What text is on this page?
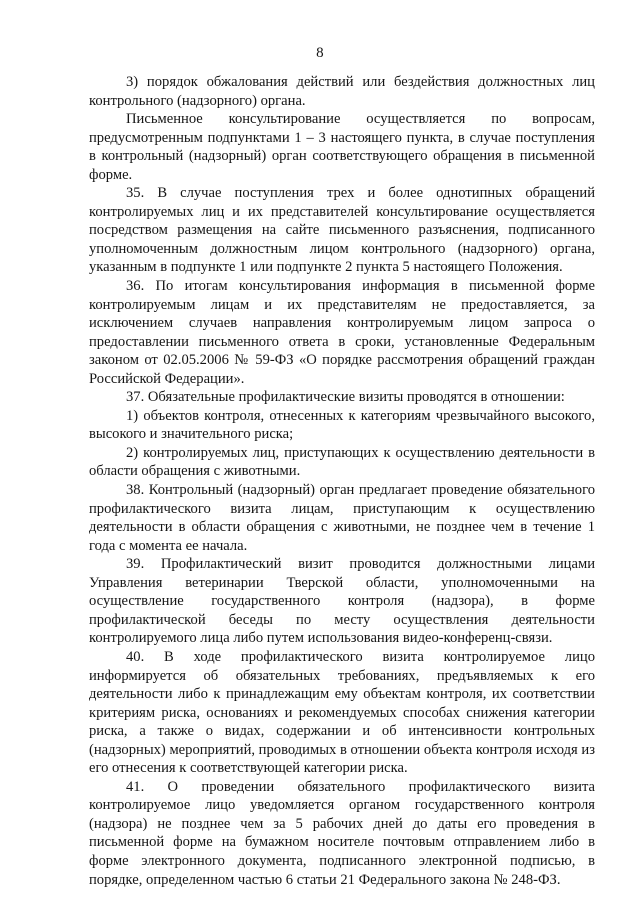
8

3) порядок обжалования действий или бездействия должностных лиц контрольного (надзорного) органа.

Письменное консультирование осуществляется по вопросам, предусмотренным подпунктами 1 – 3 настоящего пункта, в случае поступления в контрольный (надзорный) орган соответствующего обращения в письменной форме.

35. В случае поступления трех и более однотипных обращений контролируемых лиц и их представителей консультирование осуществляется посредством размещения на сайте письменного разъяснения, подписанного уполномоченным должностным лицом контрольного (надзорного) органа, указанным в подпункте 1 или подпункте 2 пункта 5 настоящего Положения.

36. По итогам консультирования информация в письменной форме контролируемым лицам и их представителям не предоставляется, за исключением случаев направления контролируемым лицом запроса о предоставлении письменного ответа в сроки, установленные Федеральным законом от 02.05.2006 № 59-ФЗ «О порядке рассмотрения обращений граждан Российской Федерации».

37. Обязательные профилактические визиты проводятся в отношении:

1) объектов контроля, отнесенных к категориям чрезвычайного высокого, высокого и значительного риска;

2) контролируемых лиц, приступающих к осуществлению деятельности в области обращения с животными.

38. Контрольный (надзорный) орган предлагает проведение обязательного профилактического визита лицам, приступающим к осуществлению деятельности в области обращения с животными, не позднее чем в течение 1 года с момента ее начала.

39. Профилактический визит проводится должностными лицами Управления ветеринарии Тверской области, уполномоченными на осуществление государственного контроля (надзора), в форме профилактической беседы по месту осуществления деятельности контролируемого лица либо путем использования видео-конференц-связи.

40. В ходе профилактического визита контролируемое лицо информируется об обязательных требованиях, предъявляемых к его деятельности либо к принадлежащим ему объектам контроля, их соответствии критериям риска, основаниях и рекомендуемых способах снижения категории риска, а также о видах, содержании и об интенсивности контрольных (надзорных) мероприятий, проводимых в отношении объекта контроля исходя из его отнесения к соответствующей категории риска.

41. О проведении обязательного профилактического визита контролируемое лицо уведомляется органом государственного контроля (надзора) не позднее чем за 5 рабочих дней до даты его проведения в письменной форме на бумажном носителе почтовым отправлением либо в форме электронного документа, подписанного электронной подписью, в порядке, определенном частью 6 статьи 21 Федерального закона № 248-ФЗ.
